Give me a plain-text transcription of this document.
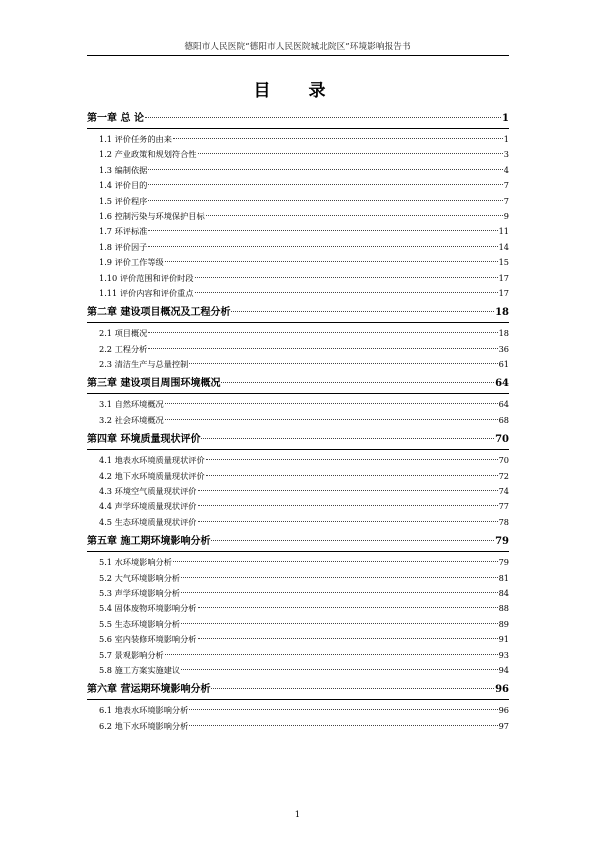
德阳市人民医院“德阳市人民医院城北院区”环境影响报告书
目 录
第一章 总 论	1
1.1 评价任务的由来	1
1.2 产业政策和规划符合性	3
1.3 编制依据	4
1.4 评价目的	7
1.5 评价程序	7
1.6 控制污染与环境保护目标	9
1.7 环评标准	11
1.8 评价因子	14
1.9 评价工作等级	15
1.10 评价范围和评价时段	17
1.11 评价内容和评价重点	17
第二章 建设项目概况及工程分析	18
2.1 项目概况	18
2.2 工程分析	36
2.3 清洁生产与总量控制	61
第三章 建设项目周围环境概况	64
3.1 自然环境概况	64
3.2 社会环境概况	68
第四章 环境质量现状评价	70
4.1 地表水环境质量现状评价	70
4.2 地下水环境质量现状评价	72
4.3 环境空气质量现状评价	74
4.4 声学环境质量现状评价	77
4.5 生态环境质量现状评价	78
第五章 施工期环境影响分析	79
5.1 水环境影响分析	79
5.2 大气环境影响分析	81
5.3 声学环境影响分析	84
5.4 固体废物环境影响分析	88
5.5 生态环境影响分析	89
5.6 室内装修环境影响分析	91
5.7 景观影响分析	93
5.8 施工方案实施建议	94
第六章 营运期环境影响分析	96
6.1 地表水环境影响分析	96
6.2 地下水环境影响分析	97
1
